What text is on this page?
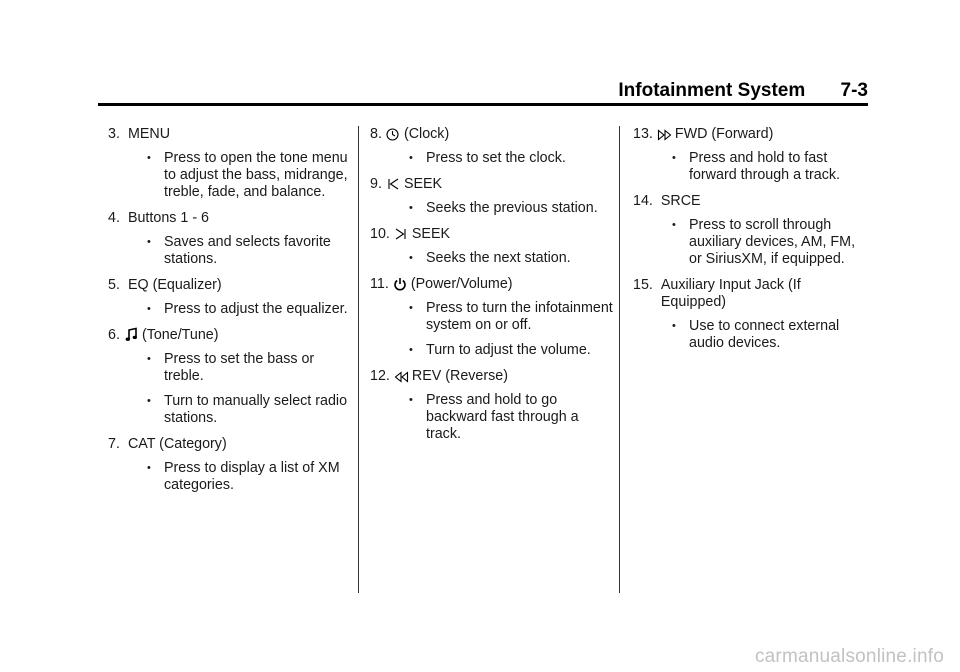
Infotainment System 7-3
3. MENU
• Press to open the tone menu to adjust the bass, midrange, treble, fade, and balance.
4. Buttons 1 - 6
• Saves and selects favorite stations.
5. EQ (Equalizer)
• Press to adjust the equalizer.
6. (Tone/Tune)
• Press to set the bass or treble.
• Turn to manually select radio stations.
7. CAT (Category)
• Press to display a list of XM categories.
8. (Clock)
• Press to set the clock.
9. SEEK
• Seeks the previous station.
10. SEEK
• Seeks the next station.
11. (Power/Volume)
• Press to turn the infotainment system on or off.
• Turn to adjust the volume.
12. REV (Reverse)
• Press and hold to go backward fast through a track.
13. FWD (Forward)
• Press and hold to fast forward through a track.
14. SRCE
• Press to scroll through auxiliary devices, AM, FM, or SiriusXM, if equipped.
15. Auxiliary Input Jack (If Equipped)
• Use to connect external audio devices.
carmanualsonline.info
